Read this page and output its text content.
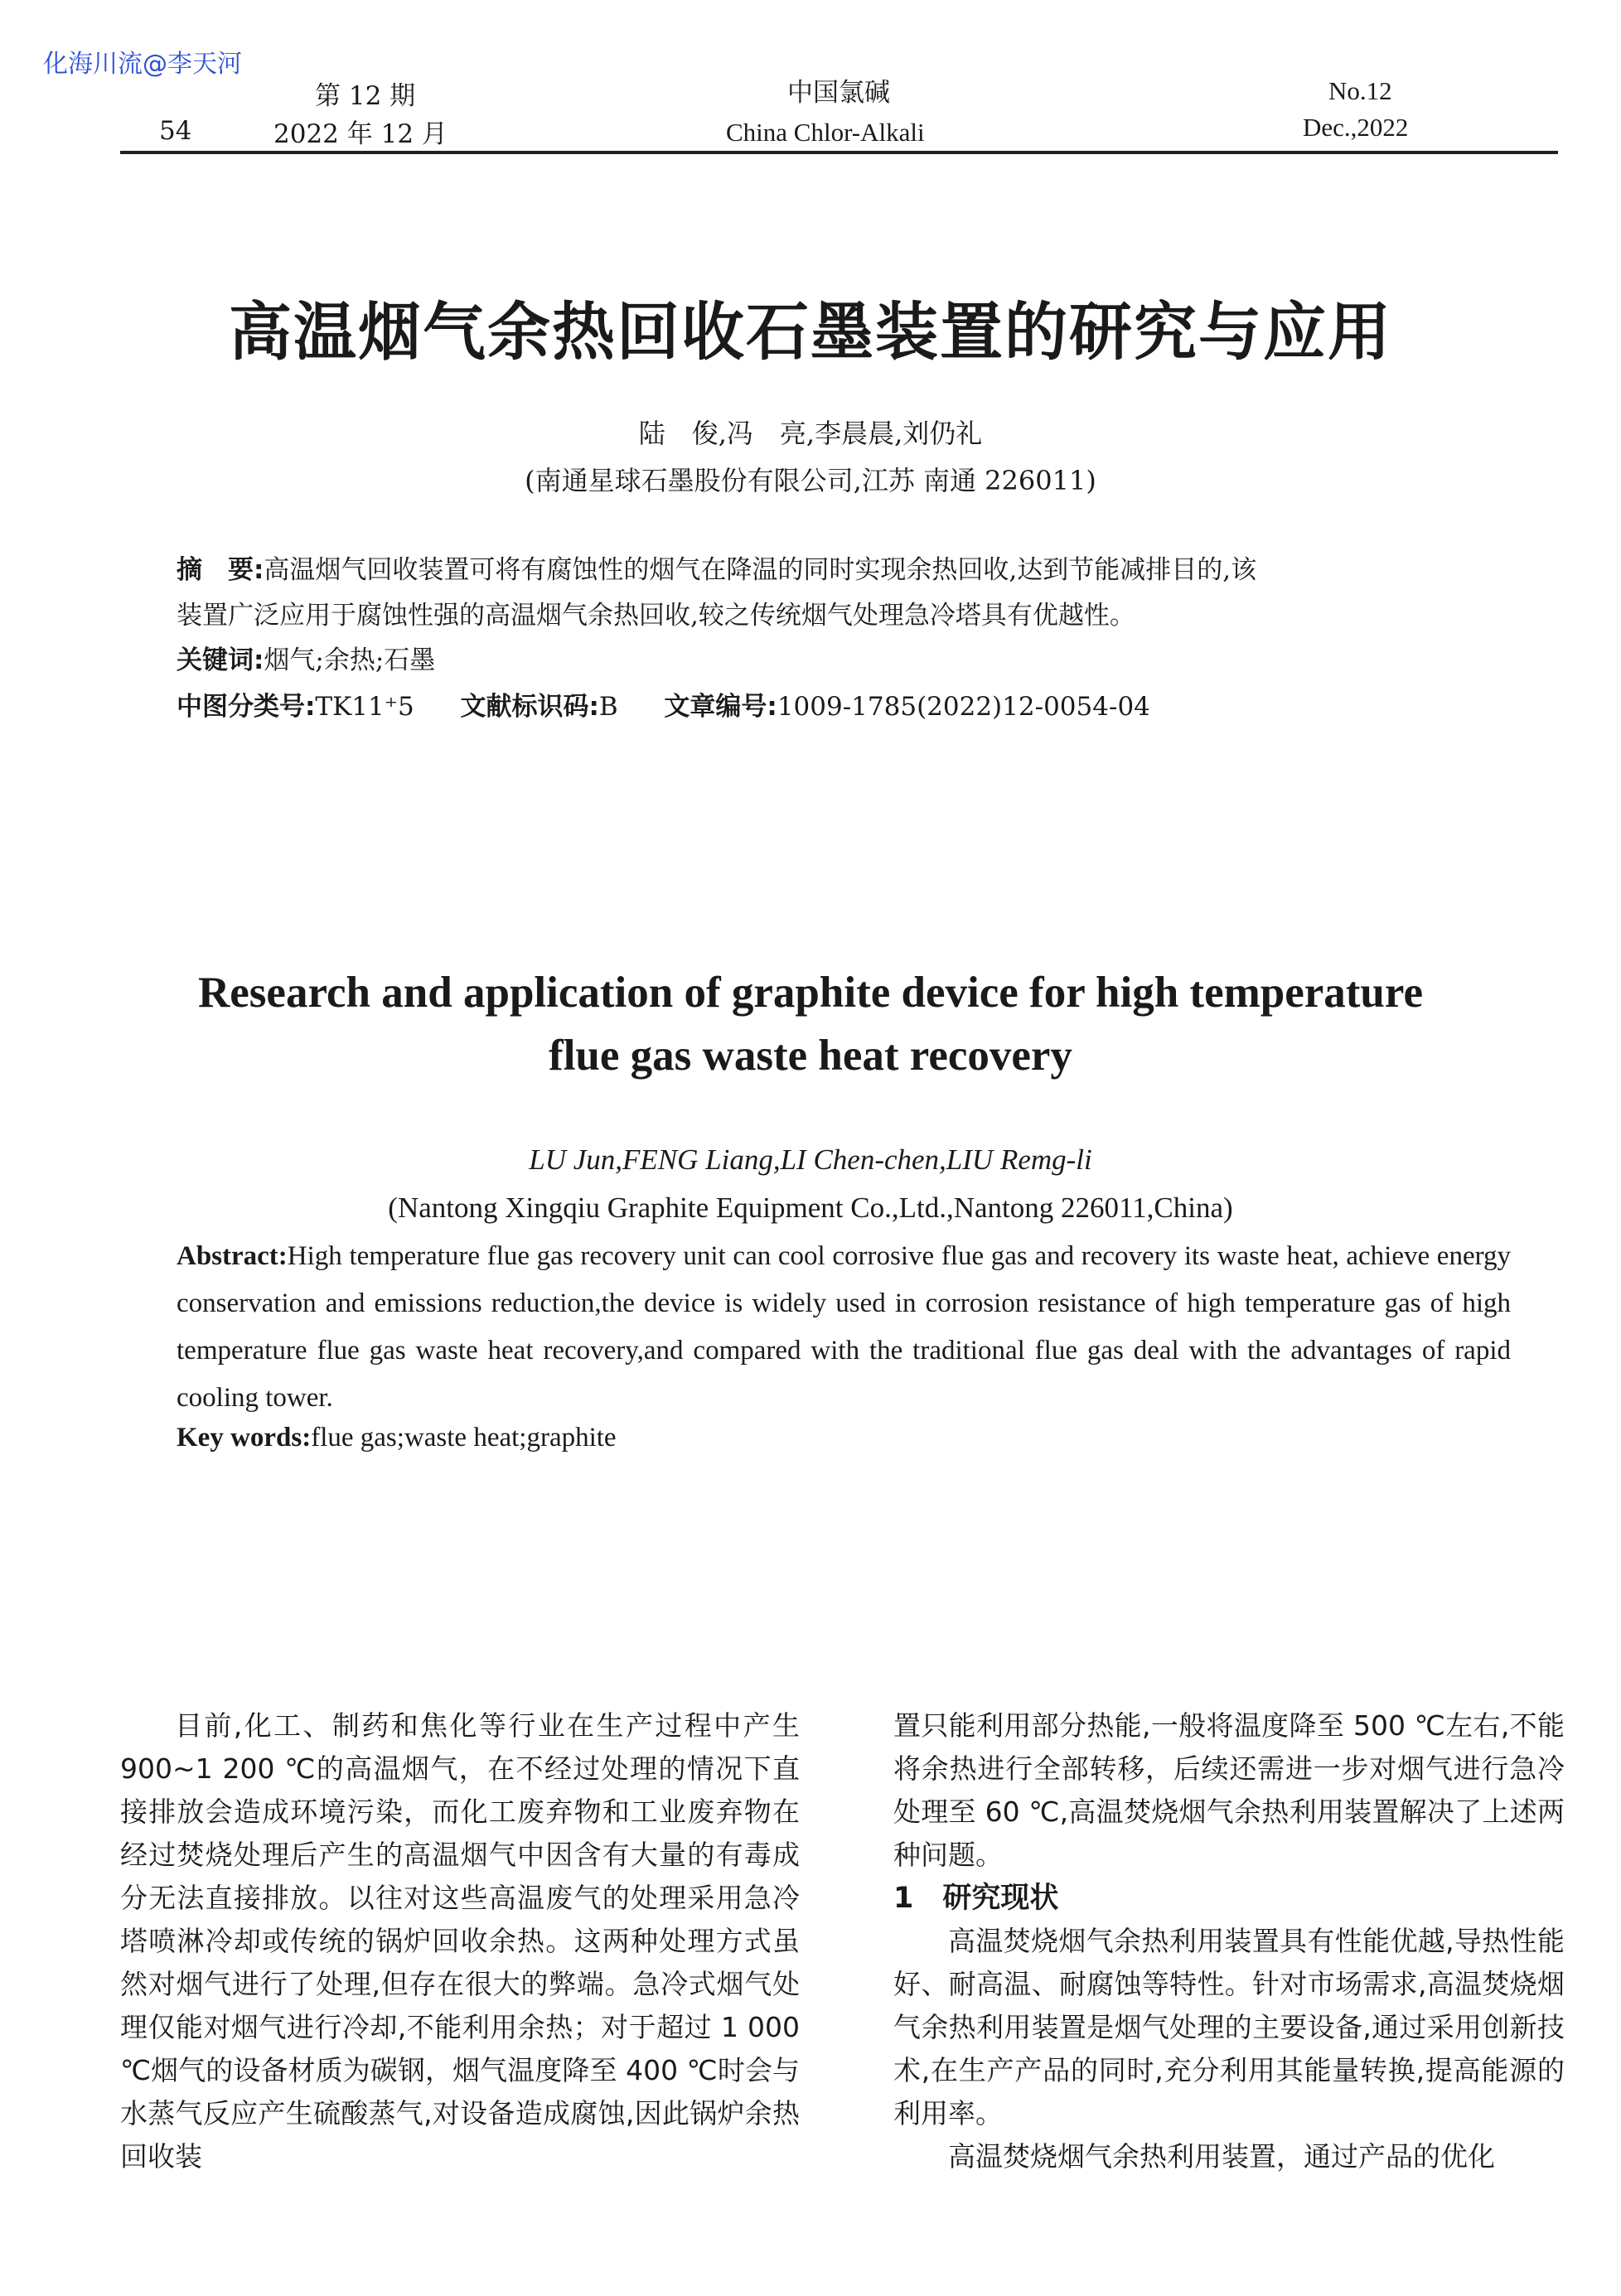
化海川流@李天河
54
第 12 期
2022 年 12 月
中国氯碱
China Chlor-Alkali
No.12
Dec.,2022
高温烟气余热回收石墨装置的研究与应用
陆　俊,冯　亮,李晨晨,刘仍礼
(南通星球石墨股份有限公司,江苏 南通 226011)
摘　要:高温烟气回收装置可将有腐蚀性的烟气在降温的同时实现余热回收,达到节能减排目的,该
装置广泛应用于腐蚀性强的高温烟气余热回收,较之传统烟气处理急冷塔具有优越性。
关键词:烟气;余热;石墨
中图分类号:TK11⁺5 文献标识码:B 文章编号:1009-1785(2022)12-0054-04
Research and application of graphite device for high temperature
flue gas waste heat recovery
LU Jun,FENG Liang,LI Chen-chen,LIU Remg-li
(Nantong Xingqiu Graphite Equipment Co.,Ltd.,Nantong 226011,China)
Abstract:High temperature flue gas recovery unit can cool corrosive flue gas and recovery its waste heat, achieve energy conservation and emissions reduction,the device is widely used in corrosion resistance of high temperature gas of high temperature flue gas waste heat recovery,and compared with the traditional flue gas deal with the advantages of rapid cooling tower.
Key words:flue gas;waste heat;graphite

目前,化工、制药和焦化等行业在生产过程中产生 900~1 200 ℃的高温烟气，在不经过处理的情况下直接排放会造成环境污染，而化工废弃物和工业废弃物在经过焚烧处理后产生的高温烟气中因含有大量的有毒成分无法直接排放。以往对这些高温废气的处理采用急冷塔喷淋冷却或传统的锅炉回收余热。这两种处理方式虽然对烟气进行了处理,但存在很大的弊端。急冷式烟气处理仅能对烟气进行冷却,不能利用余热；对于超过 1 000 ℃烟气的设备材质为碳钢，烟气温度降至 400 ℃时会与水蒸气反应产生硫酸蒸气,对设备造成腐蚀,因此锅炉余热回收装

置只能利用部分热能,一般将温度降至 500 ℃左右,不能将余热进行全部转移，后续还需进一步对烟气进行急冷处理至 60 ℃,高温焚烧烟气余热利用装置解决了上述两种问题。

1　研究现状

高温焚烧烟气余热利用装置具有性能优越,导热性能好、耐高温、耐腐蚀等特性。针对市场需求,高温焚烧烟气余热利用装置是烟气处理的主要设备,通过采用创新技术,在生产产品的同时,充分利用其能量转换,提高能源的利用率。

高温焚烧烟气余热利用装置，通过产品的优化
